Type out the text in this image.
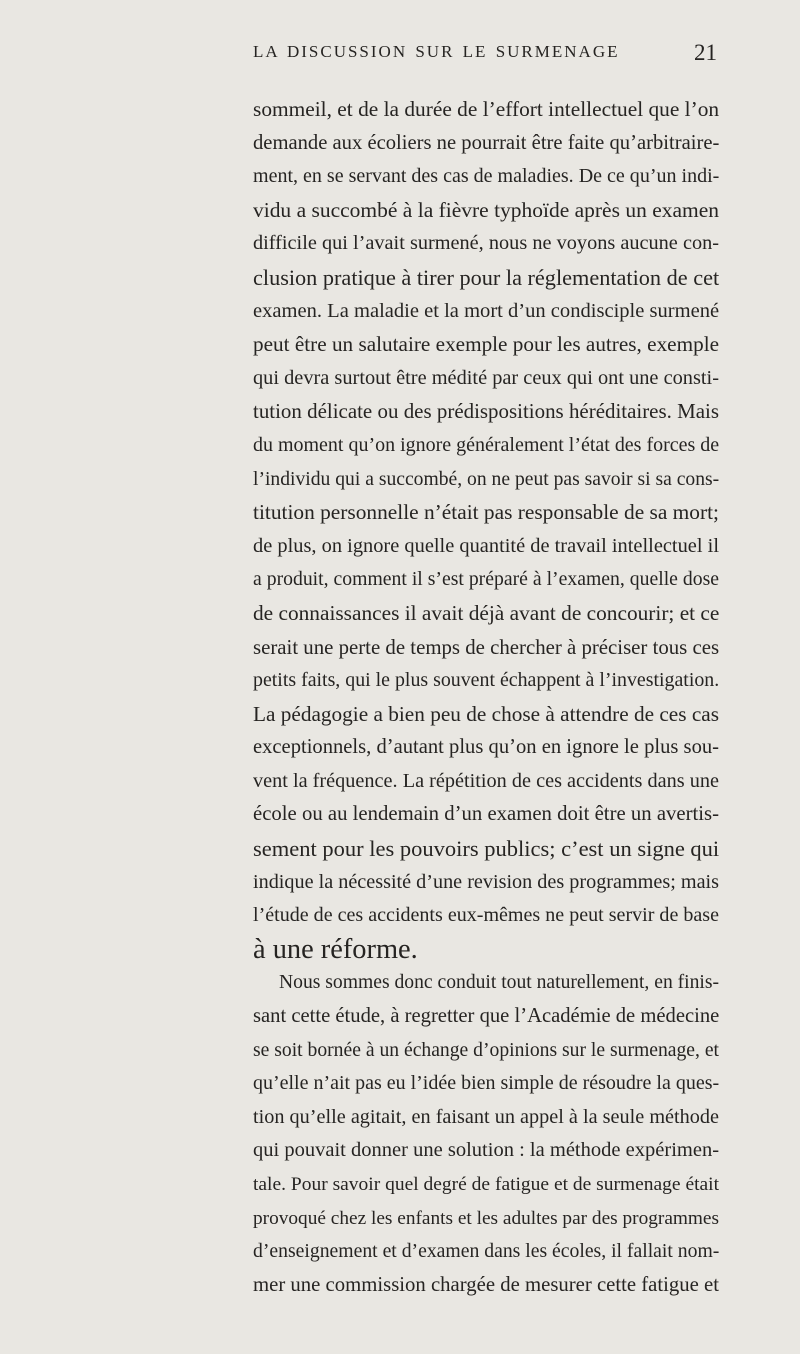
LA DISCUSSION SUR LE SURMENAGE	21
sommeil, et de la durée de l’effort intellectuel que l’on
demande aux écoliers ne pourrait être faite qu’arbitraire-
ment, en se servant des cas de maladies. De ce qu’un indi-
vidu a succombé à la fièvre typhoïde après un examen
difficile qui l’avait surmené, nous ne voyons aucune con-
clusion pratique à tirer pour la réglementation de cet
examen. La maladie et la mort d’un condisciple surmené
peut être un salutaire exemple pour les autres, exemple
qui devra surtout être médité par ceux qui ont une consti-
tution délicate ou des prédispositions héréditaires. Mais
du moment qu’on ignore généralement l’état des forces de
l’individu qui a succombé, on ne peut pas savoir si sa cons-
titution personnelle n’était pas responsable de sa mort;
de plus, on ignore quelle quantité de travail intellectuel il
a produit, comment il s’est préparé à l’examen, quelle dose
de connaissances il avait déjà avant de concourir; et ce
serait une perte de temps de chercher à préciser tous ces
petits faits, qui le plus souvent échappent à l’investigation.
La pédagogie a bien peu de chose à attendre de ces cas
exceptionnels, d’autant plus qu’on en ignore le plus sou-
vent la fréquence. La répétition de ces accidents dans une
école ou au lendemain d’un examen doit être un avertis-
sement pour les pouvoirs publics; c’est un signe qui
indique la nécessité d’une revision des programmes; mais
l’étude de ces accidents eux-mêmes ne peut servir de base
à une réforme.
Nous sommes donc conduit tout naturellement, en finis-
sant cette étude, à regretter que l’Académie de médecine
se soit bornée à un échange d’opinions sur le surmenage, et
qu’elle n’ait pas eu l’idée bien simple de résoudre la ques-
tion qu’elle agitait, en faisant un appel à la seule méthode
qui pouvait donner une solution : la méthode expérimen-
tale. Pour savoir quel degré de fatigue et de surmenage était
provoqué chez les enfants et les adultes par des programmes
d’enseignement et d’examen dans les écoles, il fallait nom-
mer une commission chargée de mesurer cette fatigue et
